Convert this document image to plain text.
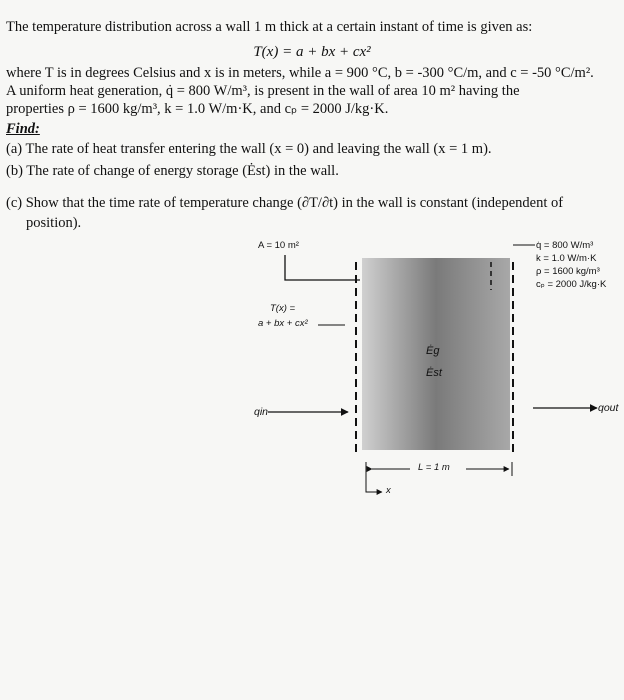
The temperature distribution across a wall 1 m thick at a certain instant of time is given as:
T(x) = a + bx + cx²
where T is in degrees Celsius and x is in meters, while a = 900 °C, b = -300 °C/m, and c = -50 °C/m².
A uniform heat generation, q̇ = 800 W/m³, is present in the wall of area 10 m² having the
properties ρ = 1600 kg/m³, k = 1.0 W/m·K, and cₚ = 2000 J/kg·K.
Find:
(a) The rate of heat transfer entering the wall (x = 0) and leaving the wall (x = 1 m).
(b) The rate of change of energy storage (Ėst) in the wall.
(c) Show that the time rate of temperature change (∂T/∂t) in the wall is constant (independent of
position).
A = 10 m²	q̇ = 800 W/m³
k = 1.0 W/m·K
ρ = 1600 kg/m³
cₚ = 2000 J/kg·K
T(x) =
a + bx + cx²
Ėg
Ėst
qin	qout
L = 1 m
x
